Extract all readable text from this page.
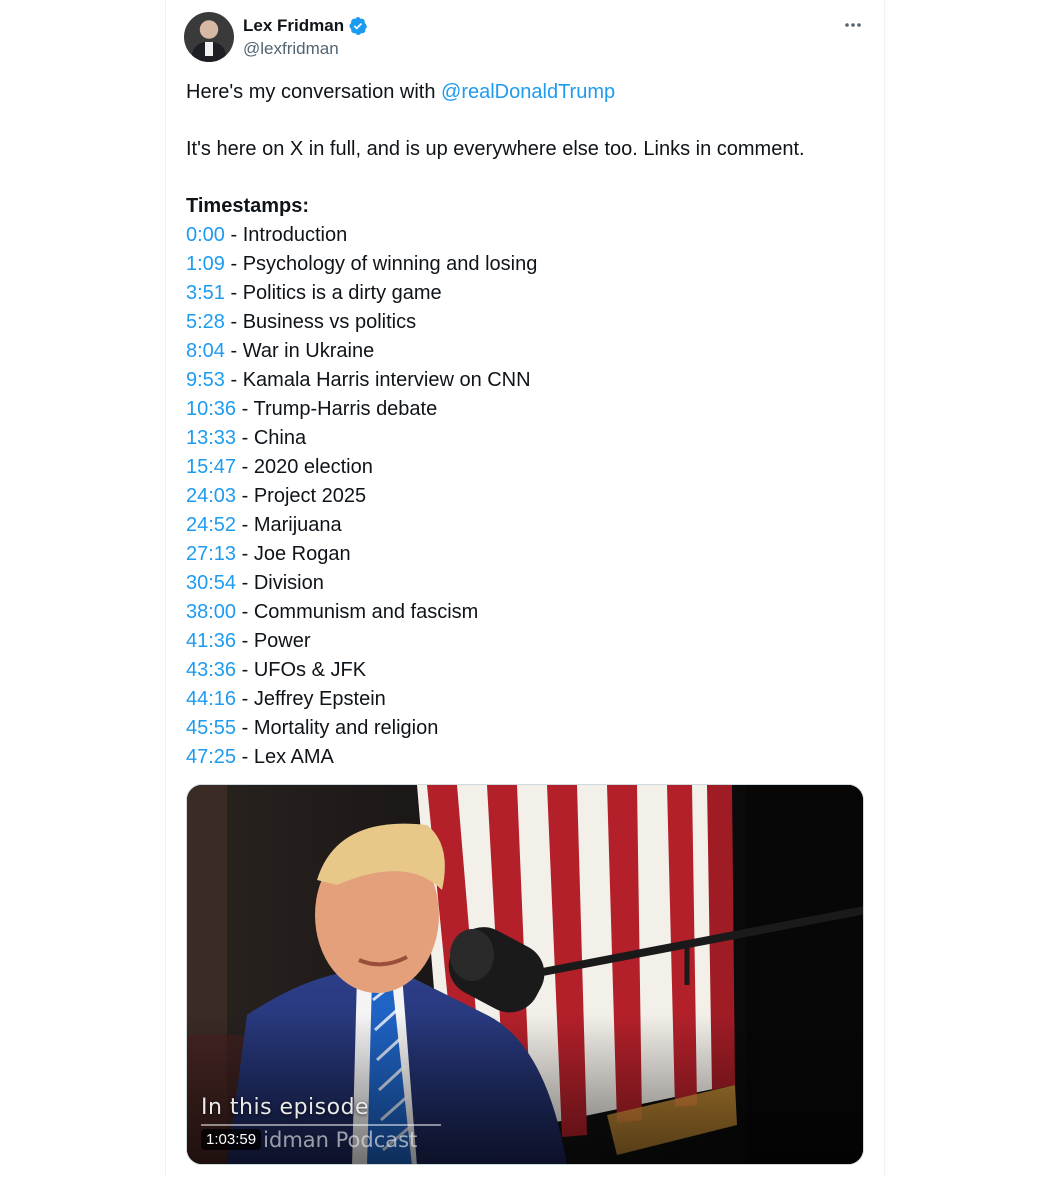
Lex Fridman
@lexfridman
Here's my conversation with @realDonaldTrump
It's here on X in full, and is up everywhere else too. Links in comment.
Timestamps:
0:00 - Introduction
1:09 - Psychology of winning and losing
3:51 - Politics is a dirty game
5:28 - Business vs politics
8:04 - War in Ukraine
9:53 - Kamala Harris interview on CNN
10:36 - Trump-Harris debate
13:33 - China
15:47 - 2020 election
24:03 - Project 2025
24:52 - Marijuana
27:13 - Joe Rogan
30:54 - Division
38:00 - Communism and fascism
41:36 - Power
43:36 - UFOs & JFK
44:16 - Jeffrey Epstein
45:55 - Mortality and religion
47:25 - Lex AMA
In this episode
idman Podcast
1:03:59
